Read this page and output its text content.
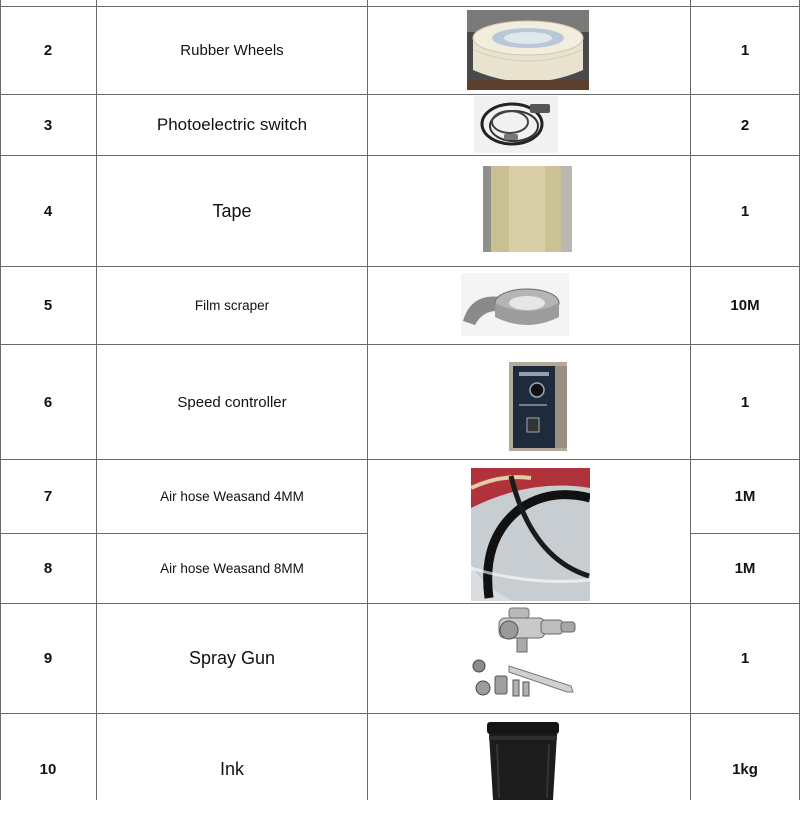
2	Rubber Wheels	1
3	Photoelectric switch	2
4	Tape	1
5	Film scraper	10M
6	Speed controller	1
7	Air hose Weasand 4MM	1M
8	Air hose Weasand 8MM	1M
9	Spray Gun	1
10	Ink	1kg
